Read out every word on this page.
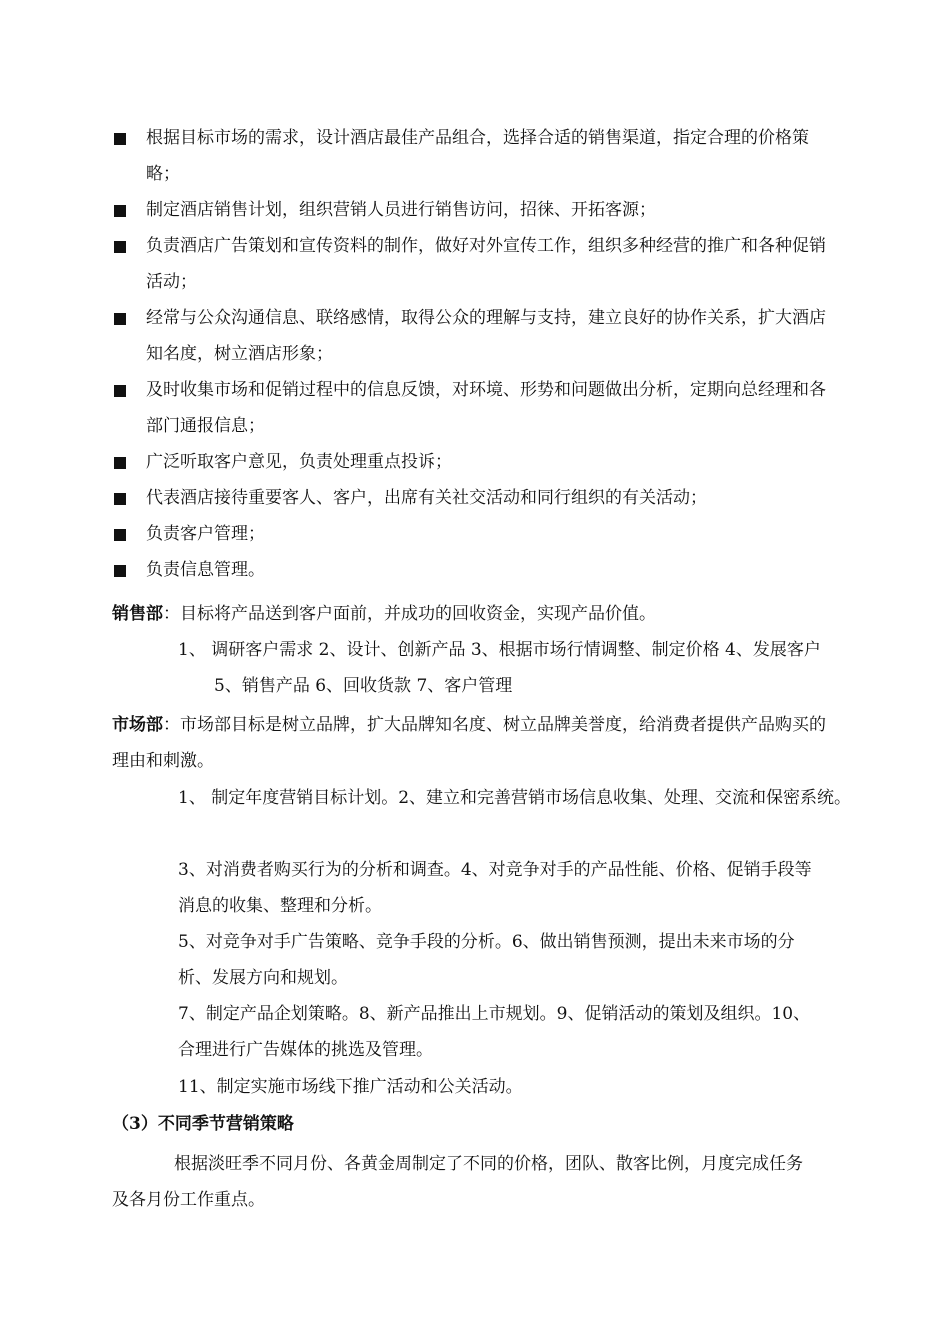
根据目标市场的需求，设计酒店最佳产品组合，选择合适的销售渠道，指定合理的价格策略；
制定酒店销售计划，组织营销人员进行销售访问，招徕、开拓客源；
负责酒店广告策划和宣传资料的制作，做好对外宣传工作，组织多种经营的推广和各种促销活动；
经常与公众沟通信息、联络感情，取得公众的理解与支持，建立良好的协作关系，扩大酒店知名度，树立酒店形象；
及时收集市场和促销过程中的信息反馈，对环境、形势和问题做出分析，定期向总经理和各部门通报信息；
广泛听取客户意见，负责处理重点投诉；
代表酒店接待重要客人、客户，出席有关社交活动和同行组织的有关活动；
负责客户管理；
负责信息管理。
销售部：目标将产品送到客户面前，并成功的回收资金，实现产品价值。
1、 调研客户需求 2、设计、创新产品 3、根据市场行情调整、制定价格 4、发展客户 5、销售产品 6、回收货款 7、客户管理
市场部：市场部目标是树立品牌，扩大品牌知名度、树立品牌美誉度，给消费者提供产品购买的理由和刺激。
1、 制定年度营销目标计划。2、建立和完善营销市场信息收集、处理、交流和保密系统。
3、对消费者购买行为的分析和调查。4、对竞争对手的产品性能、价格、促销手段等消息的收集、整理和分析。
5、对竞争对手广告策略、竞争手段的分析。6、做出销售预测，提出未来市场的分析、发展方向和规划。
7、制定产品企划策略。8、新产品推出上市规划。9、促销活动的策划及组织。10、合理进行广告媒体的挑选及管理。
11、制定实施市场线下推广活动和公关活动。
（3）不同季节营销策略
根据淡旺季不同月份、各黄金周制定了不同的价格，团队、散客比例，月度完成任务及各月份工作重点。
